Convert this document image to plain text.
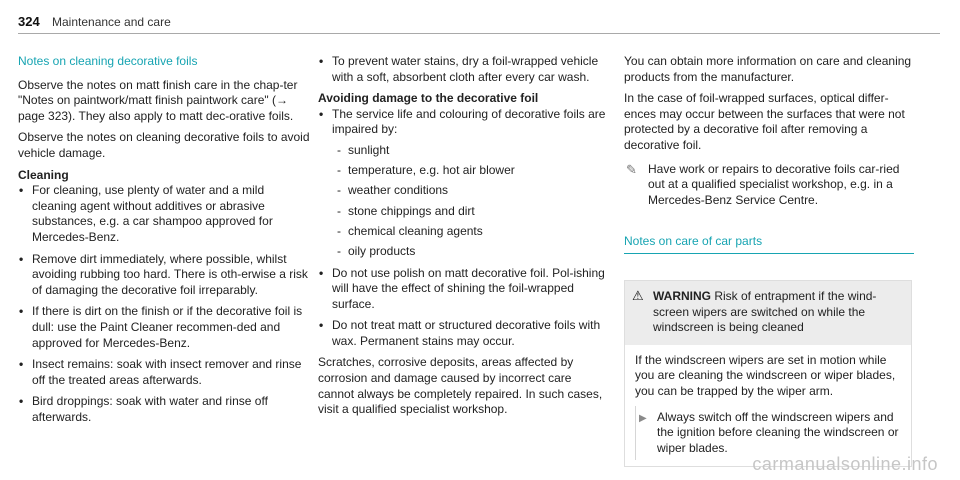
324 Maintenance and care
Notes on cleaning decorative foils

Observe the notes on matt finish care in the chap-ter "Notes on paintwork/matt finish paintwork care" (→ page 323). They also apply to matt dec-orative foils.

Observe the notes on cleaning decorative foils to avoid vehicle damage.

Cleaning
• For cleaning, use plenty of water and a mild cleaning agent without additives or abrasive substances, e.g. a car shampoo approved for Mercedes-Benz.
• Remove dirt immediately, where possible, whilst avoiding rubbing too hard. There is oth-erwise a risk of damaging the decorative foil irreparably.
• If there is dirt on the finish or if the decorative foil is dull: use the Paint Cleaner recommen-ded and approved for Mercedes-Benz.
• Insect remains: soak with insect remover and rinse off the treated areas afterwards.
• Bird droppings: soak with water and rinse off afterwards.
• To prevent water stains, dry a foil-wrapped vehicle with a soft, absorbent cloth after every car wash.
Avoiding damage to the decorative foil
• The service life and colouring of decorative foils are impaired by:
- sunlight
- temperature, e.g. hot air blower
- weather conditions
- stone chippings and dirt
- chemical cleaning agents
- oily products
• Do not use polish on matt decorative foil. Pol-ishing will have the effect of shining the foil-wrapped surface.
• Do not treat matt or structured decorative foils with wax. Permanent stains may occur.

Scratches, corrosive deposits, areas affected by corrosion and damage caused by incorrect care cannot always be completely repaired. In such cases, visit a qualified specialist workshop.

You can obtain more information on care and cleaning products from the manufacturer.

In the case of foil-wrapped surfaces, optical differ-ences may occur between the surfaces that were not protected by a decorative foil after removing a decorative foil.

✎ Have work or repairs to decorative foils car-ried out at a qualified specialist workshop, e.g. in a Mercedes-Benz Service Centre.
Notes on care of car parts
⚠ WARNING Risk of entrapment if the wind-screen wipers are switched on while the windscreen is being cleaned

If the windscreen wipers are set in motion while you are cleaning the windscreen or wiper blades, you can be trapped by the wiper arm.

▶ Always switch off the windscreen wipers and the ignition before cleaning the windscreen or wiper blades.
carmanualsonline.info
